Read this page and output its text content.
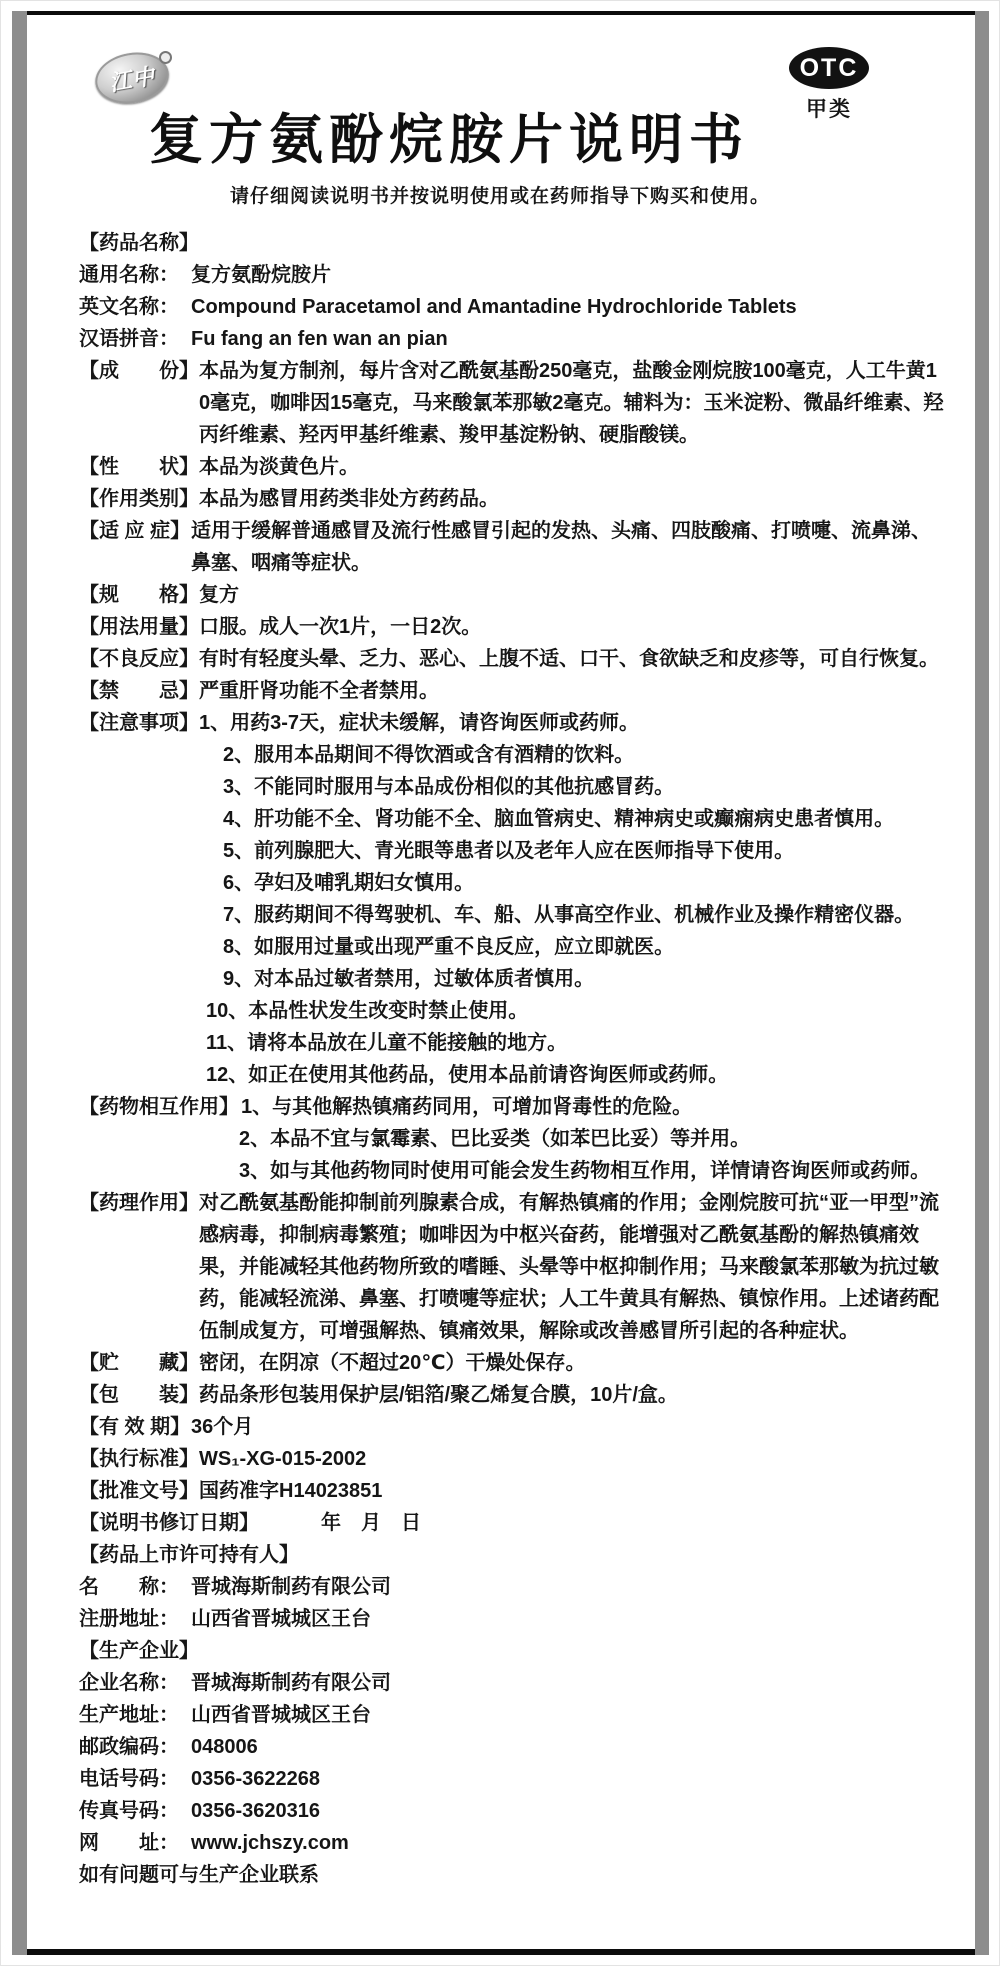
江中
复方氨酚烷胺片说明书
OTC
甲类
请仔细阅读说明书并按说明使用或在药师指导下购买和使用。
【药品名称】
通用名称： 复方氨酚烷胺片
英文名称： Compound Paracetamol and Amantadine Hydrochloride Tablets
汉语拼音： Fu fang an fen wan an pian
【成　　份】 本品为复方制剂，每片含对乙酰氨基酚250毫克，盐酸金刚烷胺100毫克，人工牛黄10毫克，咖啡因15毫克，马来酸氯苯那敏2毫克。辅料为：玉米淀粉、微晶纤维素、羟丙纤维素、羟丙甲基纤维素、羧甲基淀粉钠、硬脂酸镁。
【性　　状】 本品为淡黄色片。
【作用类别】 本品为感冒用药类非处方药药品。
【适 应 症】 适用于缓解普通感冒及流行性感冒引起的发热、头痛、四肢酸痛、打喷嚏、流鼻涕、鼻塞、咽痛等症状。
【规　　格】 复方
【用法用量】 口服。成人一次1片，一日2次。
【不良反应】 有时有轻度头晕、乏力、恶心、上腹不适、口干、食欲缺乏和皮疹等，可自行恢复。
【禁　　忌】 严重肝肾功能不全者禁用。
【注意事项】 1、用药3-7天，症状未缓解，请咨询医师或药师。
2、服用本品期间不得饮酒或含有酒精的饮料。
3、不能同时服用与本品成份相似的其他抗感冒药。
4、肝功能不全、肾功能不全、脑血管病史、精神病史或癫痫病史患者慎用。
5、前列腺肥大、青光眼等患者以及老年人应在医师指导下使用。
6、孕妇及哺乳期妇女慎用。
7、服药期间不得驾驶机、车、船、从事高空作业、机械作业及操作精密仪器。
8、如服用过量或出现严重不良反应，应立即就医。
9、对本品过敏者禁用，过敏体质者慎用。
10、本品性状发生改变时禁止使用。
11、请将本品放在儿童不能接触的地方。
12、如正在使用其他药品，使用本品前请咨询医师或药师。
【药物相互作用】 1、与其他解热镇痛药同用，可增加肾毒性的危险。
2、本品不宜与氯霉素、巴比妥类（如苯巴比妥）等并用。
3、如与其他药物同时使用可能会发生药物相互作用，详情请咨询医师或药师。
【药理作用】 对乙酰氨基酚能抑制前列腺素合成，有解热镇痛的作用；金刚烷胺可抗“亚一甲型”流感病毒，抑制病毒繁殖；咖啡因为中枢兴奋药，能增强对乙酰氨基酚的解热镇痛效果，并能减轻其他药物所致的嗜睡、头晕等中枢抑制作用；马来酸氯苯那敏为抗过敏药，能减轻流涕、鼻塞、打喷嚏等症状；人工牛黄具有解热、镇惊作用。上述诸药配伍制成复方，可增强解热、镇痛效果，解除或改善感冒所引起的各种症状。
【贮　　藏】 密闭，在阴凉（不超过20℃）干燥处保存。
【包　　装】 药品条形包装用保护层/铝箔/聚乙烯复合膜，10片/盒。
【有 效 期】 36个月
【执行标准】 WS₁-XG-015-2002
【批准文号】 国药准字H14023851
【说明书修订日期】 　　　年　月　日
【药品上市许可持有人】
名　　称： 晋城海斯制药有限公司
注册地址： 山西省晋城城区王台
【生产企业】
企业名称： 晋城海斯制药有限公司
生产地址： 山西省晋城城区王台
邮政编码： 048006
电话号码： 0356-3622268
传真号码： 0356-3620316
网　　址： www.jchszy.com
如有问题可与生产企业联系
